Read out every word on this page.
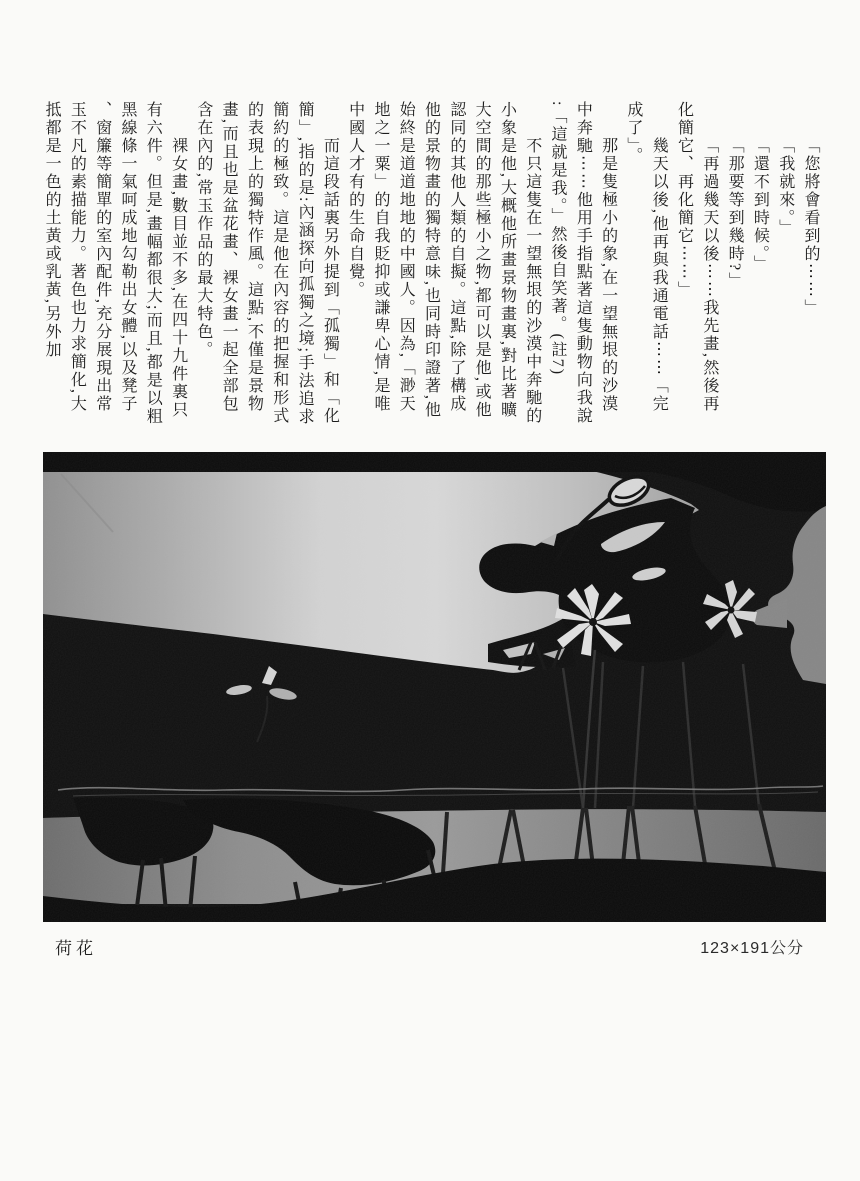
「您將會看到的⋯⋯」

「我就來。」

「還不到時候。」

「那要等到幾時?」

「再過幾天以後⋯⋯我先畫,然後再化簡它、再化簡它⋯⋯」

幾天以後,他再與我通電話⋯⋯「完成了」。

那是隻極小的象,在一望無垠的沙漠中奔馳⋯⋯他用手指點著這隻動物向我說:「這就是我。」然後自笑著。(註7)

不只這隻在一望無垠的沙漠中奔馳的小象是他,大概他所畫景物畫裏,對比著曠大空間的那些極小之物,都可以是他,或他認同的其他人類的自擬。這點,除了構成他的景物畫的獨特意味,也同時印證著,他始終是道道地地的中國人。因為,「渺天地之一粟」的自我貶抑或謙卑心情,是唯中國人才有的生命自覺。

而這段話裏另外提到「孤獨」和「化簡」,指的是:內涵探向孤獨之境;手法追求簡約的極致。這是他在內容的把握和形式的表現上的獨特作風。這點,不僅是景物畫,而且也是盆花畫、裸女畫一起全部包含在內的,常玉作品的最大特色。

裸女畫,數目並不多,在四十九件裏只有六件。但是,畫幅都很大;而且,都是以粗黑線條一氣呵成地勾勒出女體,以及凳子、窗簾等簡單的室內配件,充分展現出常玉不凡的素描能力。著色也力求簡化,大抵都是一色的土黃或乳黃,另外加

荷花	123×191公分
